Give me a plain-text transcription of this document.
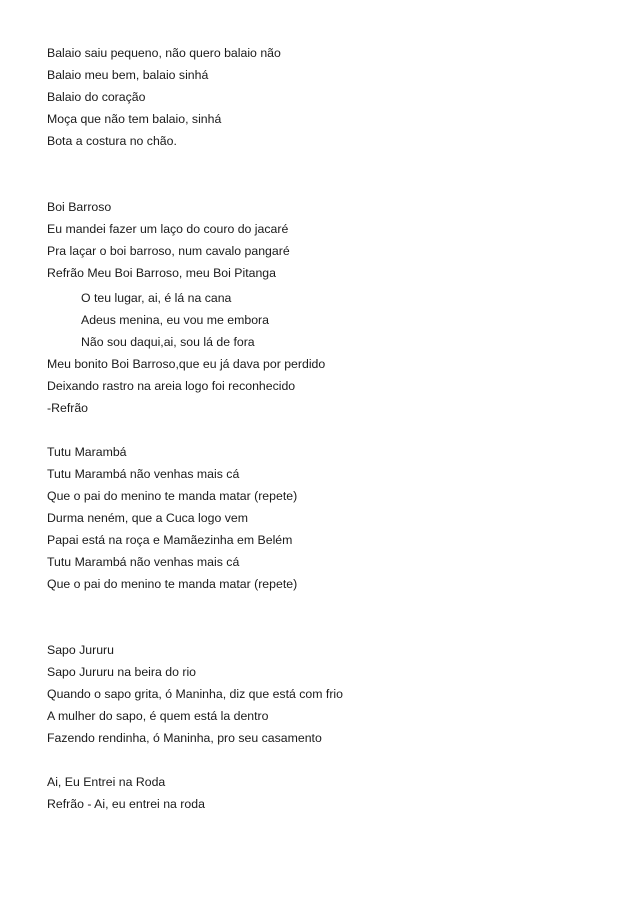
Balaio saiu pequeno, não quero balaio não
Balaio meu bem, balaio sinhá
Balaio do coração
Moça que não tem balaio, sinhá
Bota a costura no chão.
Boi Barroso
Eu mandei fazer um laço do couro do jacaré
Pra laçar o boi barroso, num cavalo pangaré
Refrão Meu Boi Barroso, meu Boi Pitanga
O teu lugar, ai, é lá na cana
Adeus menina, eu vou me embora
Não sou daqui,ai, sou lá de fora
Meu bonito Boi Barroso,que eu já dava por perdido
Deixando rastro na areia logo foi reconhecido
-Refrão
Tutu Marambá
Tutu Marambá não venhas mais cá
Que o pai do menino te manda matar (repete)
Durma neném, que a Cuca logo vem
Papai está na roça e Mamãezinha em Belém
Tutu Marambá não venhas mais cá
Que o pai do menino te manda matar (repete)
Sapo Jururu
Sapo Jururu na beira do rio
Quando o sapo grita, ó Maninha, diz que está com frio
A mulher do sapo, é quem está la dentro
Fazendo rendinha, ó Maninha, pro seu casamento
Ai, Eu Entrei na Roda
Refrão - Ai, eu entrei na roda
